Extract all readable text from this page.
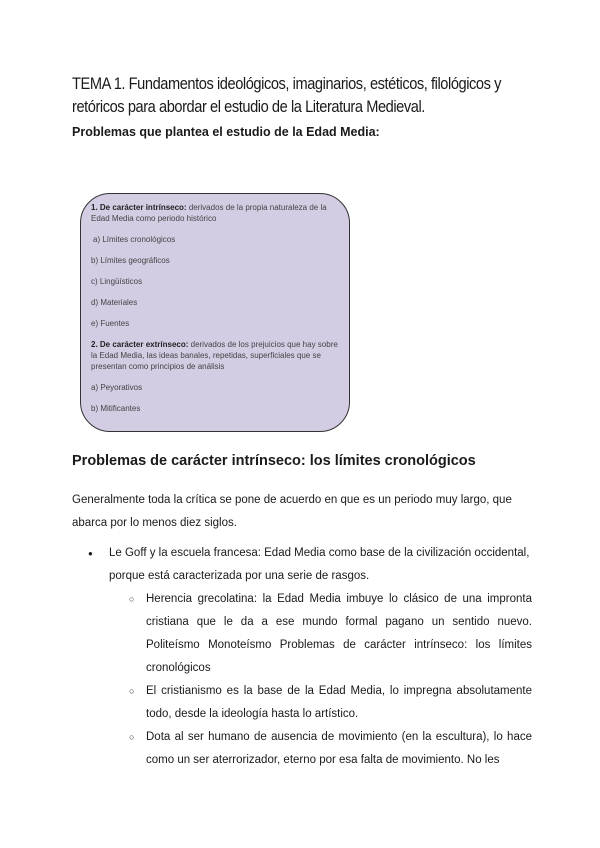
TEMA 1. Fundamentos ideológicos, imaginarios, estéticos, filológicos y retóricos para abordar el estudio de la Literatura Medieval.
Problemas que plantea el estudio de la Edad Media:

1. De carácter intrínseco: derivados de la propia naturaleza de la Edad Media como periodo histórico

a) Límites cronológicos

b) Límites geográficos

c) Lingüísticos

d) Materiales

e) Fuentes

2. De carácter extrínseco: derivados de los prejuicios que hay sobre la Edad Media, las ideas banales, repetidas, superficiales que se presentan como principios de análisis

a) Peyorativos

b) Mitificantes

Problemas de carácter intrínseco: los límites cronológicos

Generalmente toda la crítica se pone de acuerdo en que es un periodo muy largo, que abarca por lo menos diez siglos.

● Le Goff y la escuela francesa: Edad Media como base de la civilización occidental, porque está caracterizada por una serie de rasgos.
○ Herencia grecolatina: la Edad Media imbuye lo clásico de una impronta cristiana que le da a ese mundo formal pagano un sentido nuevo. Politeísmo Monoteísmo Problemas de carácter intrínseco: los límites cronológicos
○ El cristianismo es la base de la Edad Media, lo impregna absolutamente todo, desde la ideología hasta lo artístico.
○ Dota al ser humano de ausencia de movimiento (en la escultura), lo hace como un ser aterrorizador, eterno por esa falta de movimiento. No les
